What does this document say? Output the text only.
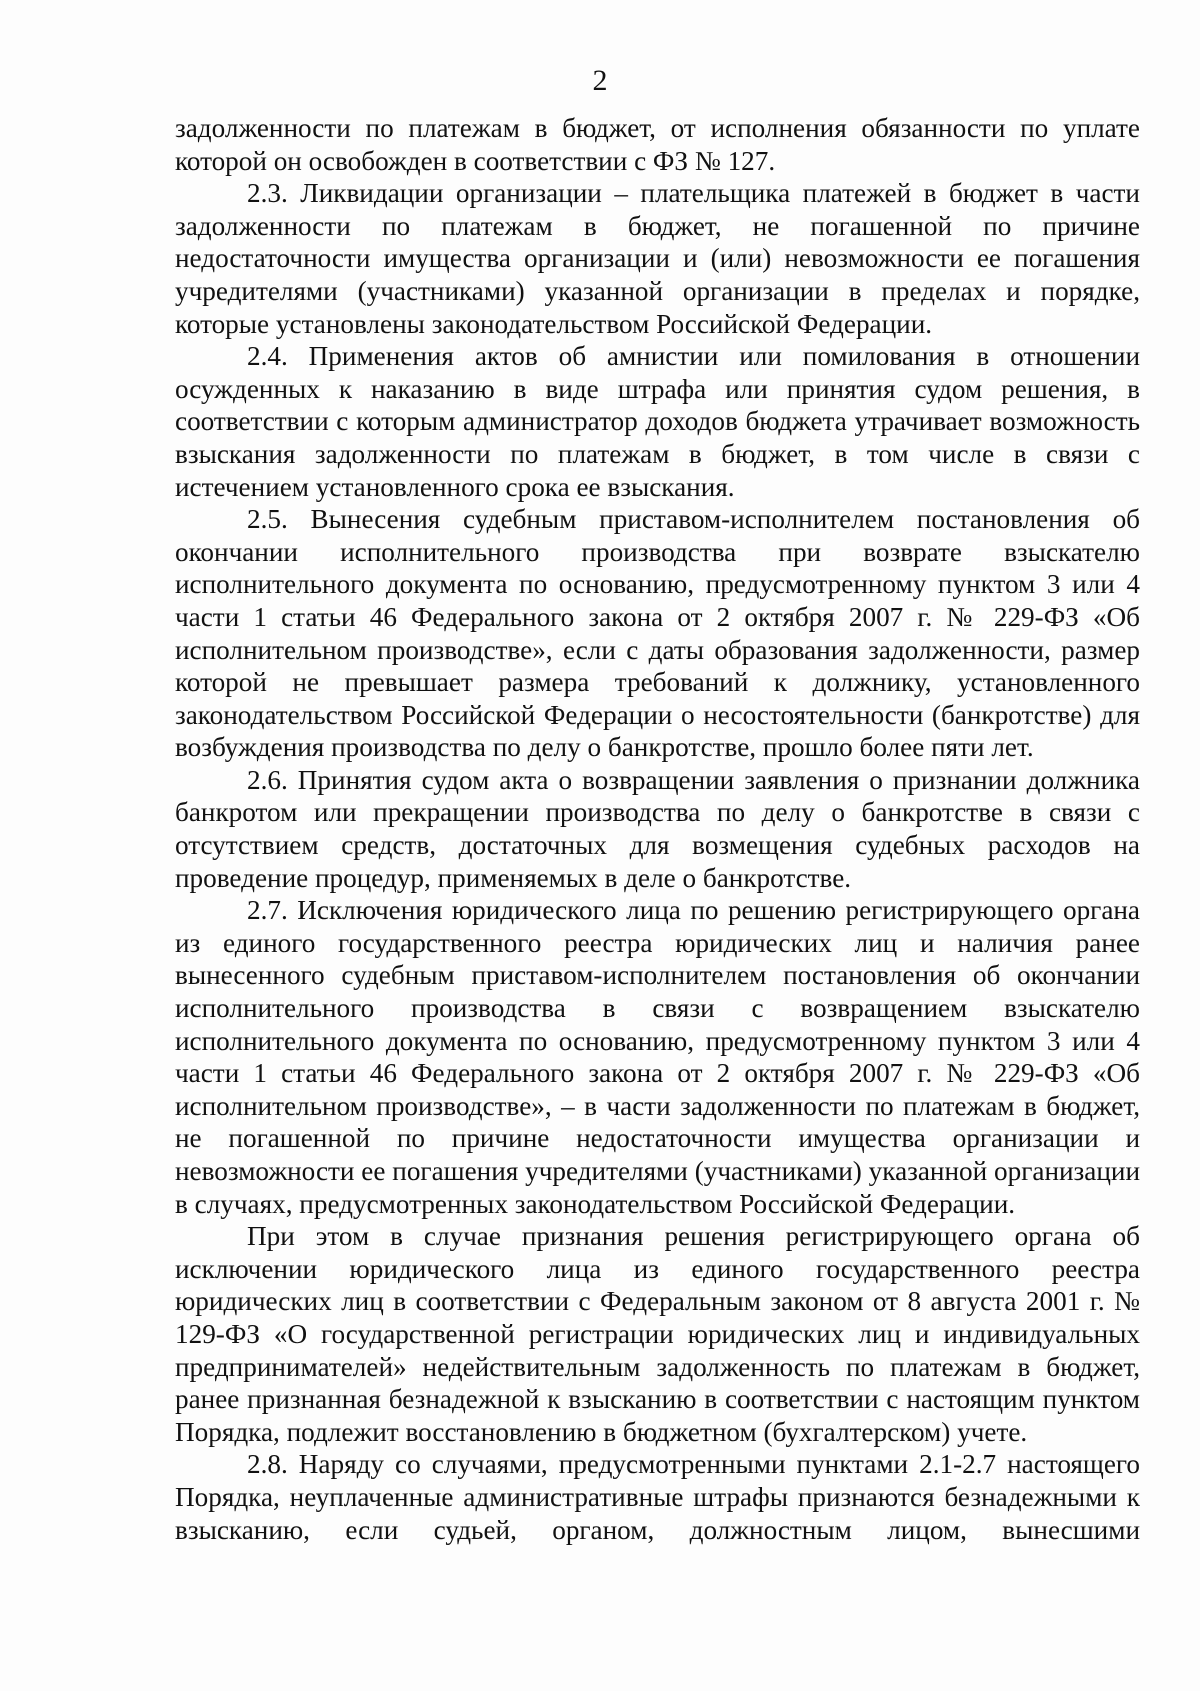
2

задолженности по платежам в бюджет, от исполнения обязанности по уплате которой он освобожден в соответствии с ФЗ № 127.

2.3. Ликвидации организации – плательщика платежей в бюджет в части задолженности по платежам в бюджет, не погашенной по причине недостаточности имущества организации и (или) невозможности ее погашения учредителями (участниками) указанной организации в пределах и порядке, которые установлены законодательством Российской Федерации.

2.4. Применения актов об амнистии или помилования в отношении осужденных к наказанию в виде штрафа или принятия судом решения, в соответствии с которым администратор доходов бюджета утрачивает возможность взыскания задолженности по платежам в бюджет, в том числе в связи с истечением установленного срока ее взыскания.

2.5. Вынесения судебным приставом-исполнителем постановления об окончании исполнительного производства при возврате взыскателю исполнительного документа по основанию, предусмотренному пунктом 3 или 4 части 1 статьи 46 Федерального закона от 2 октября 2007 г. № 229-ФЗ «Об исполнительном производстве», если с даты образования задолженности, размер которой не превышает размера требований к должнику, установленного законодательством Российской Федерации о несостоятельности (банкротстве) для возбуждения производства по делу о банкротстве, прошло более пяти лет.

2.6. Принятия судом акта о возвращении заявления о признании должника банкротом или прекращении производства по делу о банкротстве в связи с отсутствием средств, достаточных для возмещения судебных расходов на проведение процедур, применяемых в деле о банкротстве.

2.7. Исключения юридического лица по решению регистрирующего органа из единого государственного реестра юридических лиц и наличия ранее вынесенного судебным приставом-исполнителем постановления об окончании исполнительного производства в связи с возвращением взыскателю исполнительного документа по основанию, предусмотренному пунктом 3 или 4 части 1 статьи 46 Федерального закона от 2 октября 2007 г. № 229-ФЗ «Об исполнительном производстве», – в части задолженности по платежам в бюджет, не погашенной по причине недостаточности имущества организации и невозможности ее погашения учредителями (участниками) указанной организации в случаях, предусмотренных законодательством Российской Федерации.

При этом в случае признания решения регистрирующего органа об исключении юридического лица из единого государственного реестра юридических лиц в соответствии с Федеральным законом от 8 августа 2001 г. № 129-ФЗ «О государственной регистрации юридических лиц и индивидуальных предпринимателей» недействительным задолженность по платежам в бюджет, ранее признанная безнадежной к взысканию в соответствии с настоящим пунктом Порядка, подлежит восстановлению в бюджетном (бухгалтерском) учете.

2.8. Наряду со случаями, предусмотренными пунктами 2.1-2.7 настоящего Порядка, неуплаченные административные штрафы признаются безнадежными к взысканию, если судьей, органом, должностным лицом, вынесшими
